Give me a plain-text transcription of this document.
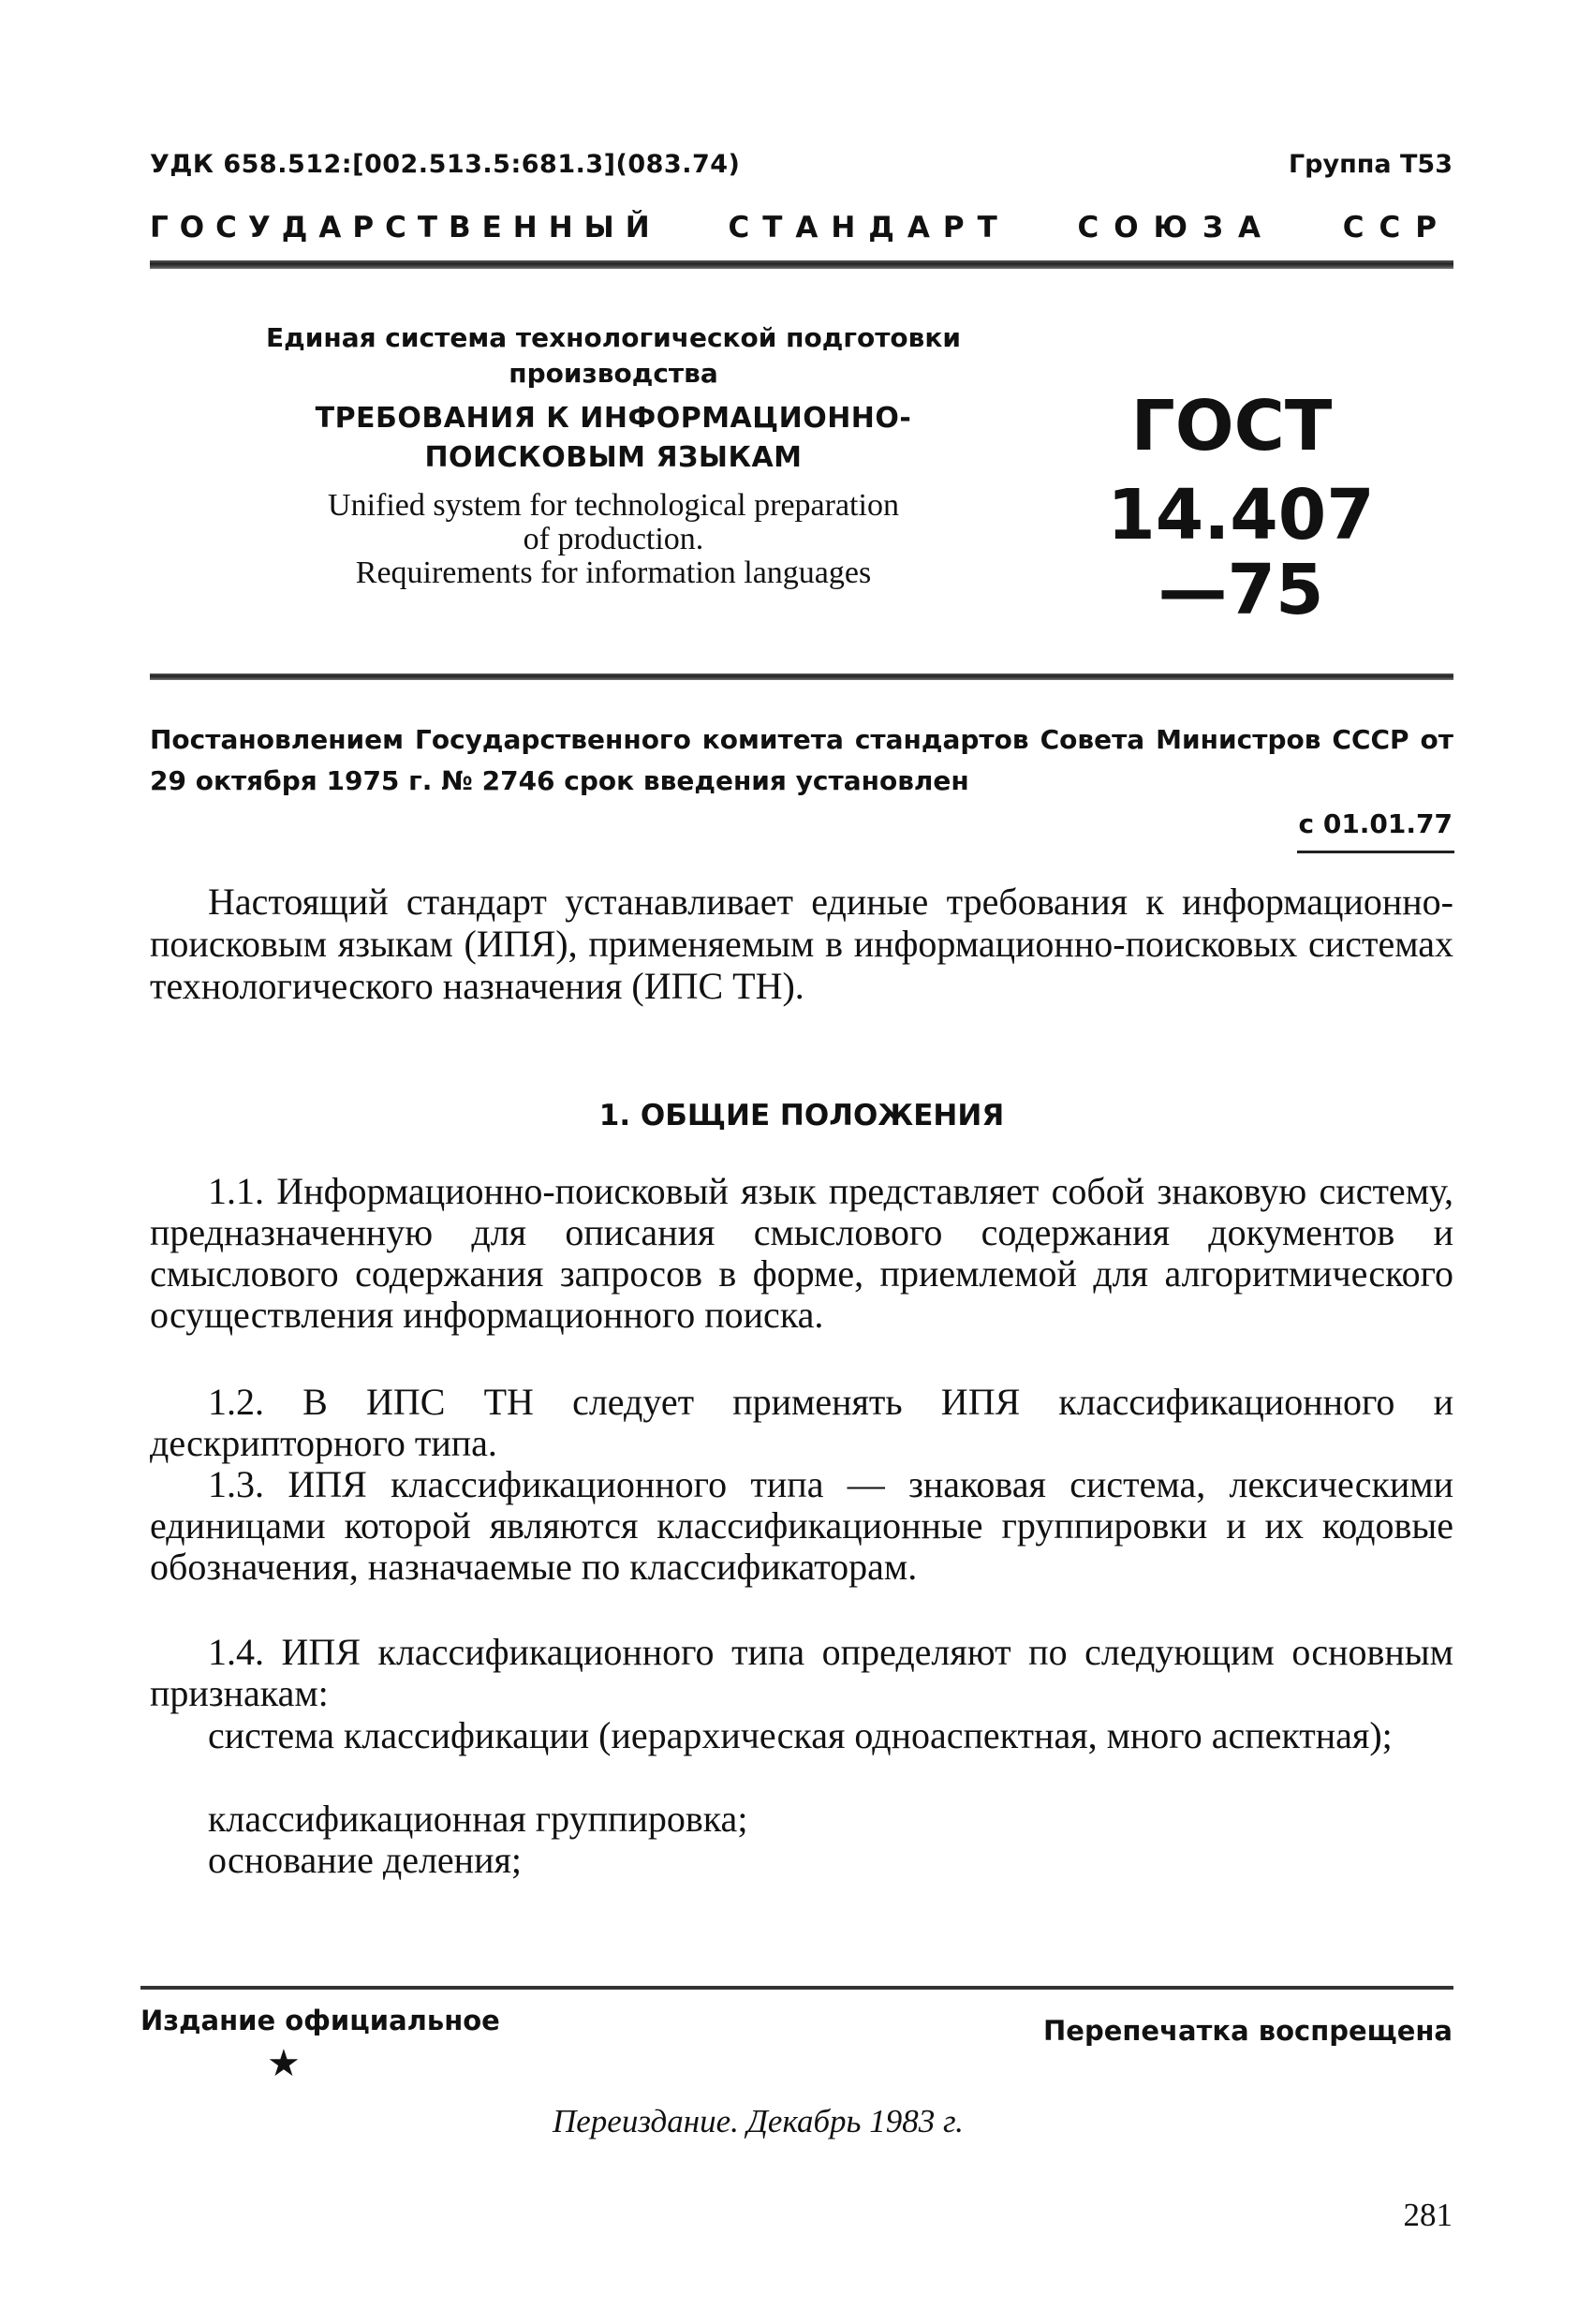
УДК 658.512:[002.513.5:681.3](083.74)	Группа Т53
ГОСУДАРСТВЕННЫЙ СТАНДАРТ СОЮЗА ССР
Единая система технологической подготовки производства
ТРЕБОВАНИЯ К ИНФОРМАЦИОННО-
ПОИСКОВЫМ ЯЗЫКАМ
Unified system for technological preparation
of production.
Requirements for information languages
ГОСТ
14.407—75
Постановлением Государственного комитета стандартов Совета Министров СССР от 29 октября 1975 г. № 2746 срок введения установлен
с 01.01.77

Настоящий стандарт устанавливает единые требования к информационно-поисковым языкам (ИПЯ), применяемым в информационно-поисковых системах технологического назначения (ИПС ТН).

1. ОБЩИЕ ПОЛОЖЕНИЯ

1.1. Информационно-поисковый язык представляет собой знаковую систему, предназначенную для описания смыслового содержания документов и смыслового содержания запросов в форме, приемлемой для алгоритмического осуществления информационного поиска.

1.2. В ИПС ТН следует применять ИПЯ классификационного и дескрипторного типа.

1.3. ИПЯ классификационного типа — знаковая система, лексическими единицами которой являются классификационные группировки и их кодовые обозначения, назначаемые по классификаторам.

1.4. ИПЯ классификационного типа определяют по следующим основным признакам:

система классификации (иерархическая одноаспектная, много аспектная);

классификационная группировка;

основание деления;

Издание официальное
★
Перепечатка воспрещена
Переиздание. Декабрь 1983 г.
281
